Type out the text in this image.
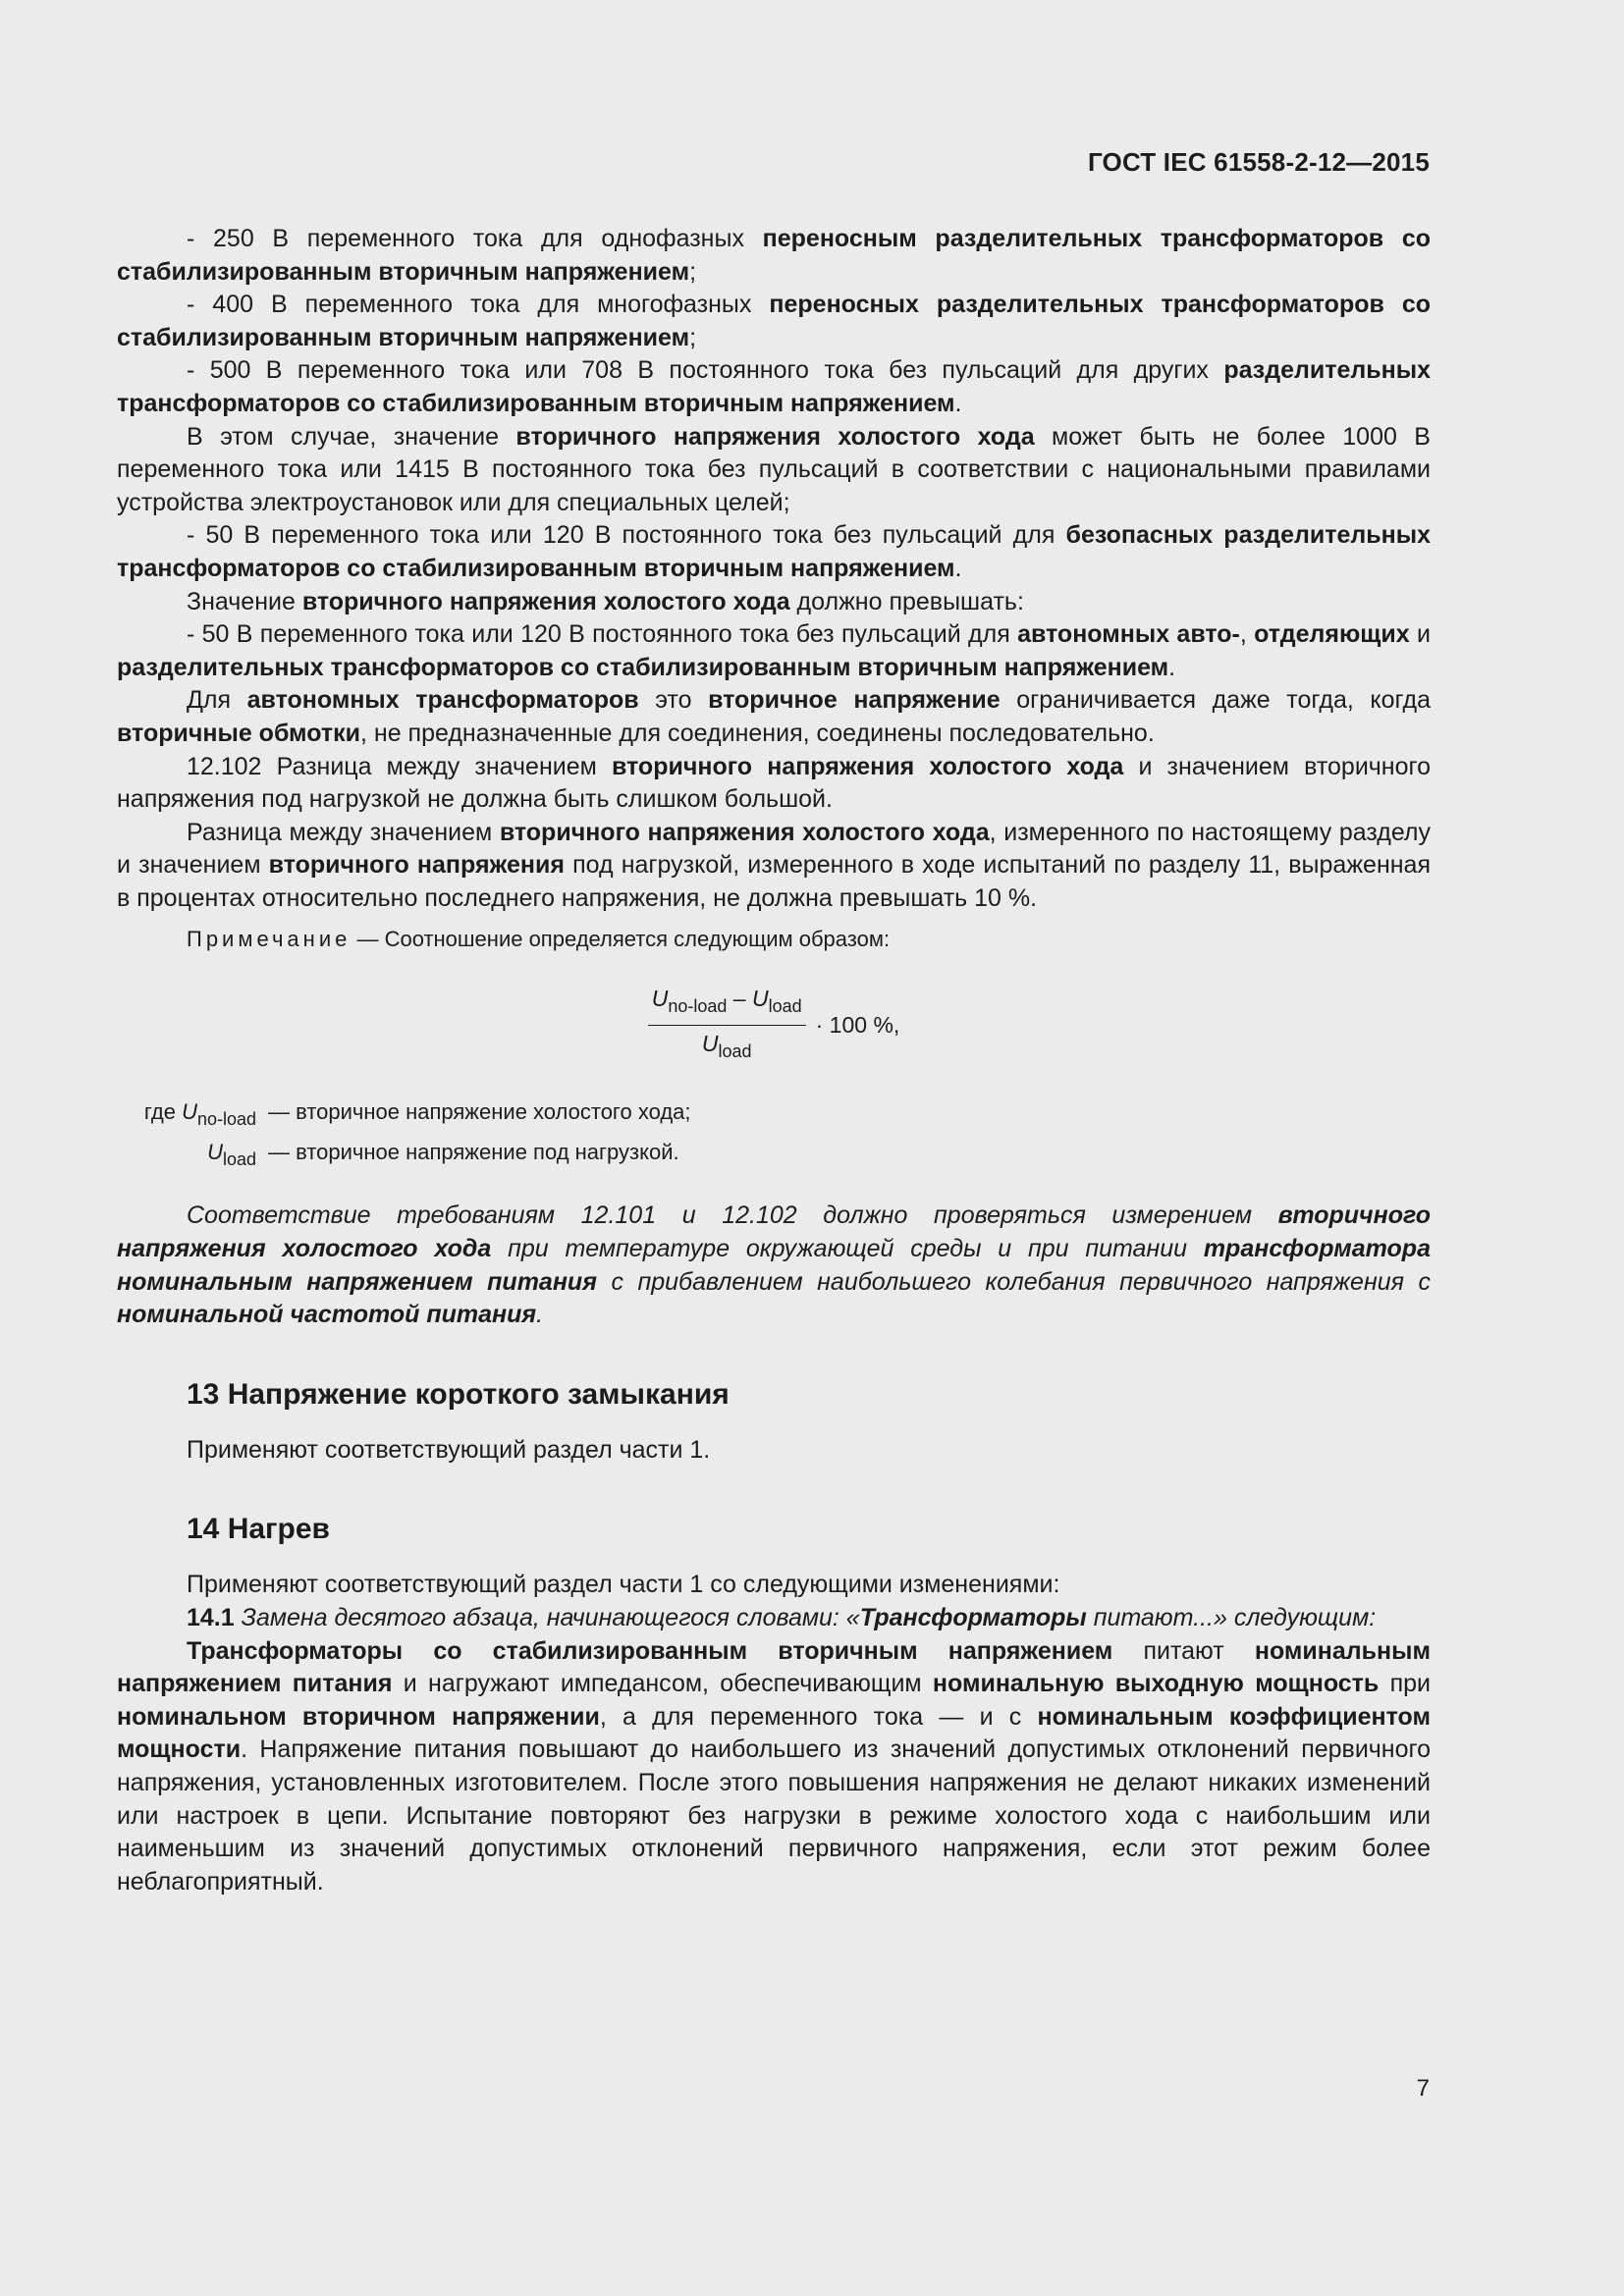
ГОСТ IEC 61558-2-12—2015

- 250 В переменного тока для однофазных переносным разделительных трансформаторов со стабилизированным вторичным напряжением;

- 400 В переменного тока для многофазных переносных разделительных трансформаторов со стабилизированным вторичным напряжением;

- 500 В переменного тока или 708 В постоянного тока без пульсаций для других разделительных трансформаторов со стабилизированным вторичным напряжением.

В этом случае, значение вторичного напряжения холостого хода может быть не более 1000 В переменного тока или 1415 В постоянного тока без пульсаций в соответствии с национальными правилами устройства электроустановок или для специальных целей;

- 50 В переменного тока или 120 В постоянного тока без пульсаций для безопасных разделительных трансформаторов со стабилизированным вторичным напряжением.

Значение вторичного напряжения холостого хода должно превышать:

- 50 В переменного тока или 120 В постоянного тока без пульсаций для автономных авто-, отделяющих и разделительных трансформаторов со стабилизированным вторичным напряжением.

Для автономных трансформаторов это вторичное напряжение ограничивается даже тогда, когда вторичные обмотки, не предназначенные для соединения, соединены последовательно.

12.102 Разница между значением вторичного напряжения холостого хода и значением вторичного напряжения под нагрузкой не должна быть слишком большой.

Разница между значением вторичного напряжения холостого хода, измеренного по настоящему разделу и значением вторичного напряжения под нагрузкой, измеренного в ходе испытаний по разделу 11, выраженная в процентах относительно последнего напряжения, не должна превышать 10 %.

Примечание — Соотношение определяется следующим образом:

$\frac{U_{no-load} - U_{load}}{U_{load}} \cdot 100$ %,
где $U_{no-load}$ — вторичное напряжение холостого хода;
$U_{load}$ — вторичное напряжение под нагрузкой.

Соответствие требованиям 12.101 и 12.102 должно проверяться измерением вторичного напряжения холостого хода при температуре окружающей среды и при питании трансформатора номинальным напряжением питания с прибавлением наибольшего колебания первичного напряжения с номинальной частотой питания.

13 Напряжение короткого замыкания

Применяют соответствующий раздел части 1.

14 Нагрев

Применяют соответствующий раздел части 1 со следующими изменениями:

14.1 Замена десятого абзаца, начинающегося словами: «Трансформаторы питают...» следующим:

Трансформаторы со стабилизированным вторичным напряжением питают номинальным напряжением питания и нагружают импедансом, обеспечивающим номинальную выходную мощность при номинальном вторичном напряжении, а для переменного тока — и с номинальным коэффициентом мощности. Напряжение питания повышают до наибольшего из значений допустимых отклонений первичного напряжения, установленных изготовителем. После этого повышения напряжения не делают никаких изменений или настроек в цепи. Испытание повторяют без нагрузки в режиме холостого хода с наибольшим или наименьшим из значений допустимых отклонений первичного напряжения, если этот режим более неблагоприятный.

7
